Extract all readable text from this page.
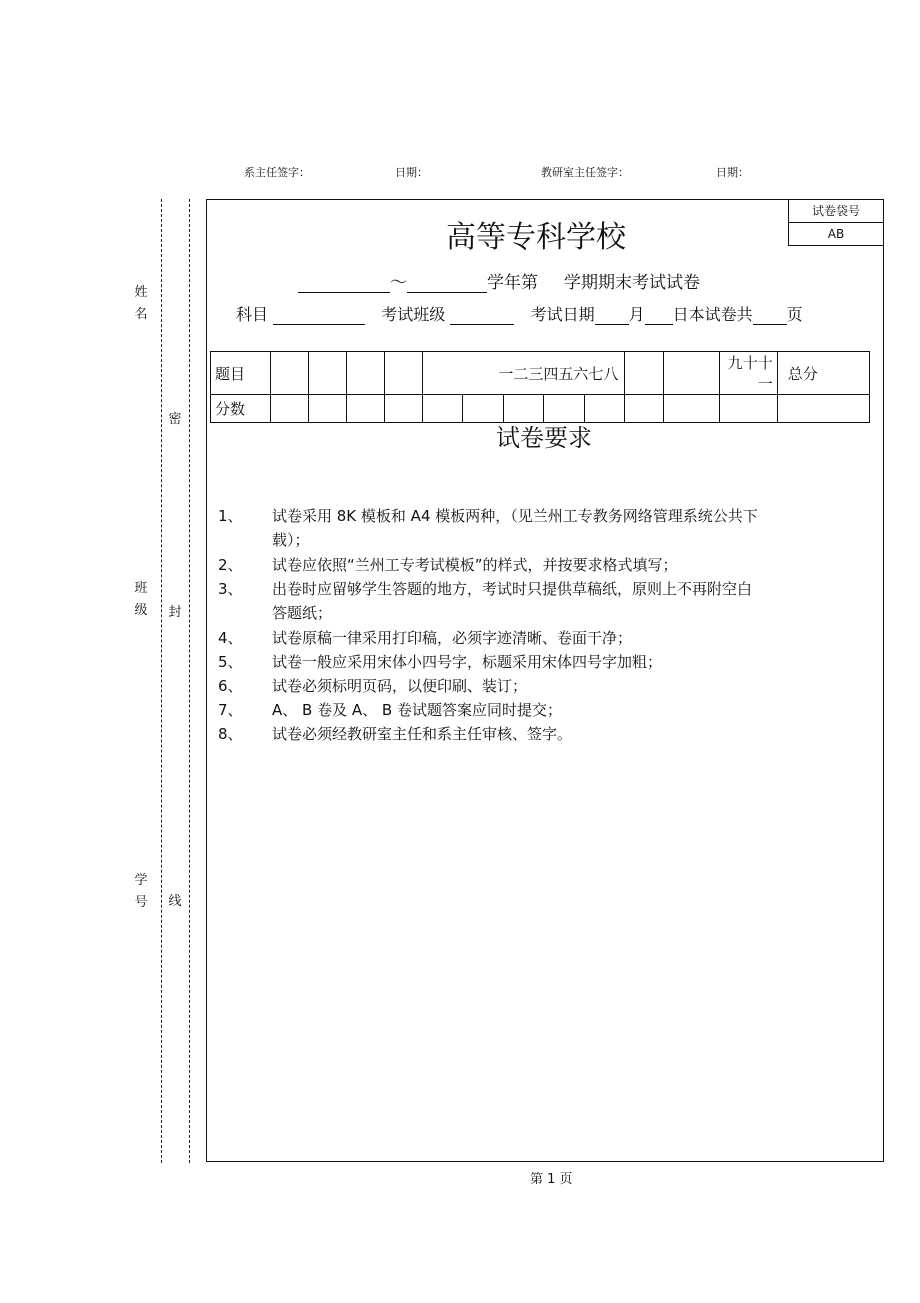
系主任签字：	日期：	教研室主任签字：	日期：
姓
名
班
级
学
号
密
封
线
试卷袋号
AB
高等专科学校
～	学年第 学期期末考试试卷
科目	考试班级	考试日期 月 日本试卷共 页
题目					一二三四五六七八							九十十一	总分
分数													
试卷要求
1、 试卷采用 8K 模板和 A4 模板两种，（见兰州工专教务网络管理系统公共下
载）；
2、 试卷应依照“兰州工专考试模板”的样式，并按要求格式填写；
3、 出卷时应留够学生答题的地方，考试时只提供草稿纸，原则上不再附空白
答题纸；
4、 试卷原稿一律采用打印稿，必须字迹清晰、卷面干净；
5、 试卷一般应采用宋体小四号字，标题采用宋体四号字加粗；
6、 试卷必须标明页码，以便印刷、装订；
7、 A、 B 卷及 A、 B 卷试题答案应同时提交；
8、 试卷必须经教研室主任和系主任审核、签字。
第 1 页
